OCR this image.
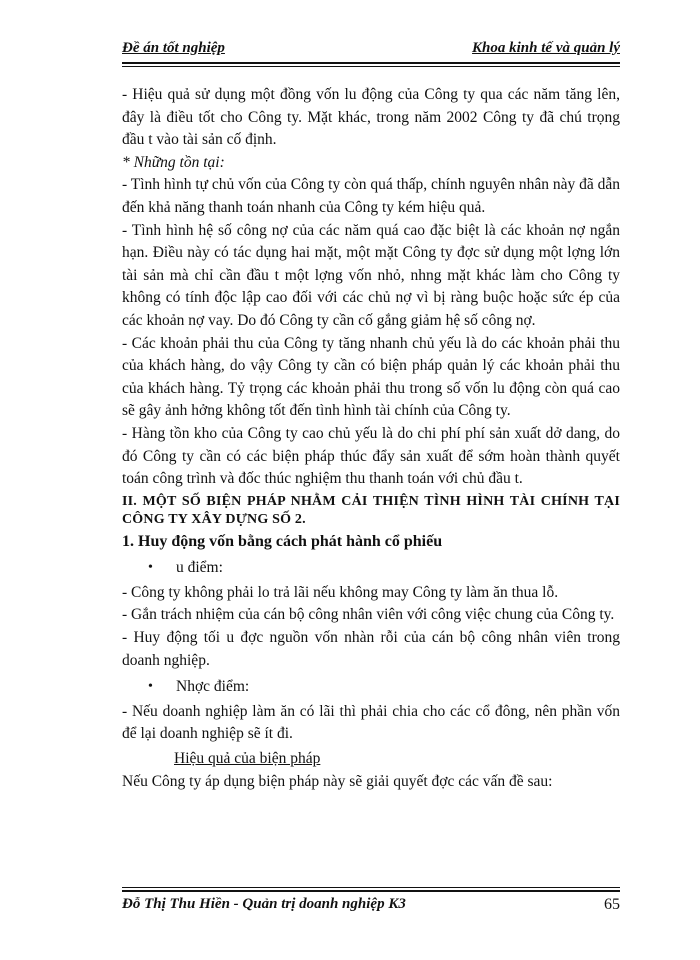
Đề án tốt nghiệp	Khoa kinh tế và quản lý

- Hiệu quả sử dụng một đồng vốn lu động của Công ty qua các năm tăng lên, đây là điều tốt cho Công ty. Mặt khác, trong năm 2002 Công ty đã chú trọng đầu t vào tài sản cố định.

* Những tồn tại:

- Tình hình tự chủ vốn của Công ty còn quá thấp, chính nguyên nhân này đã dẫn đến khả năng thanh toán nhanh của Công ty kém hiệu quả.

- Tình hình hệ số công nợ của các năm quá cao đặc biệt là các khoản nợ ngắn hạn. Điều này có tác dụng hai mặt, một mặt Công ty đợc sử dụng một lợng lớn tài sản mà chỉ cần đầu t một lợng vốn nhỏ, nhng mặt khác làm cho Công ty không có tính độc lập cao đối với các chủ nợ vì bị ràng buộc hoặc sức ép của các khoản nợ vay. Do đó Công ty cần cố gắng giảm hệ số công nợ.

- Các khoản phải thu của Công ty tăng nhanh chủ yếu là do các khoản phải thu của khách hàng, do vậy Công ty cần có biện pháp quản lý các khoản phải thu của khách hàng. Tỷ trọng các khoản phải thu trong số vốn lu động còn quá cao sẽ gây ảnh hởng không tốt đến tình hình tài chính của Công ty.

- Hàng tồn kho của Công ty cao chủ yếu là do chi phí phí sản xuất dở dang, do đó Công ty cần có các biện pháp thúc đẩy sản xuất để sớm hoàn thành quyết toán công trình và đốc thúc nghiệm thu thanh toán với chủ đầu t.

II. MỘT SỐ BIỆN PHÁP NHẰM CẢI THIỆN TÌNH HÌNH TÀI CHÍNH TẠI CÔNG TY XÂY DỰNG SỐ 2.

1. Huy động vốn bằng cách phát hành cổ phiếu

• u điểm:

- Công ty không phải lo trả lãi nếu không may Công ty làm ăn thua lỗ.

- Gắn trách nhiệm của cán bộ công nhân viên với công việc chung của Công ty.

- Huy động tối u đợc nguồn vốn nhàn rỗi của cán bộ công nhân viên trong doanh nghiệp.

• Nhợc điểm:

- Nếu doanh nghiệp làm ăn có lãi thì phải chia cho các cổ đông, nên phần vốn để lại doanh nghiệp sẽ ít đi.

Hiệu quả của biện pháp

Nếu Công ty áp dụng biện pháp này sẽ giải quyết đợc các vấn đề sau:

Đỗ Thị Thu Hiền - Quản trị doanh nghiệp K3	65
